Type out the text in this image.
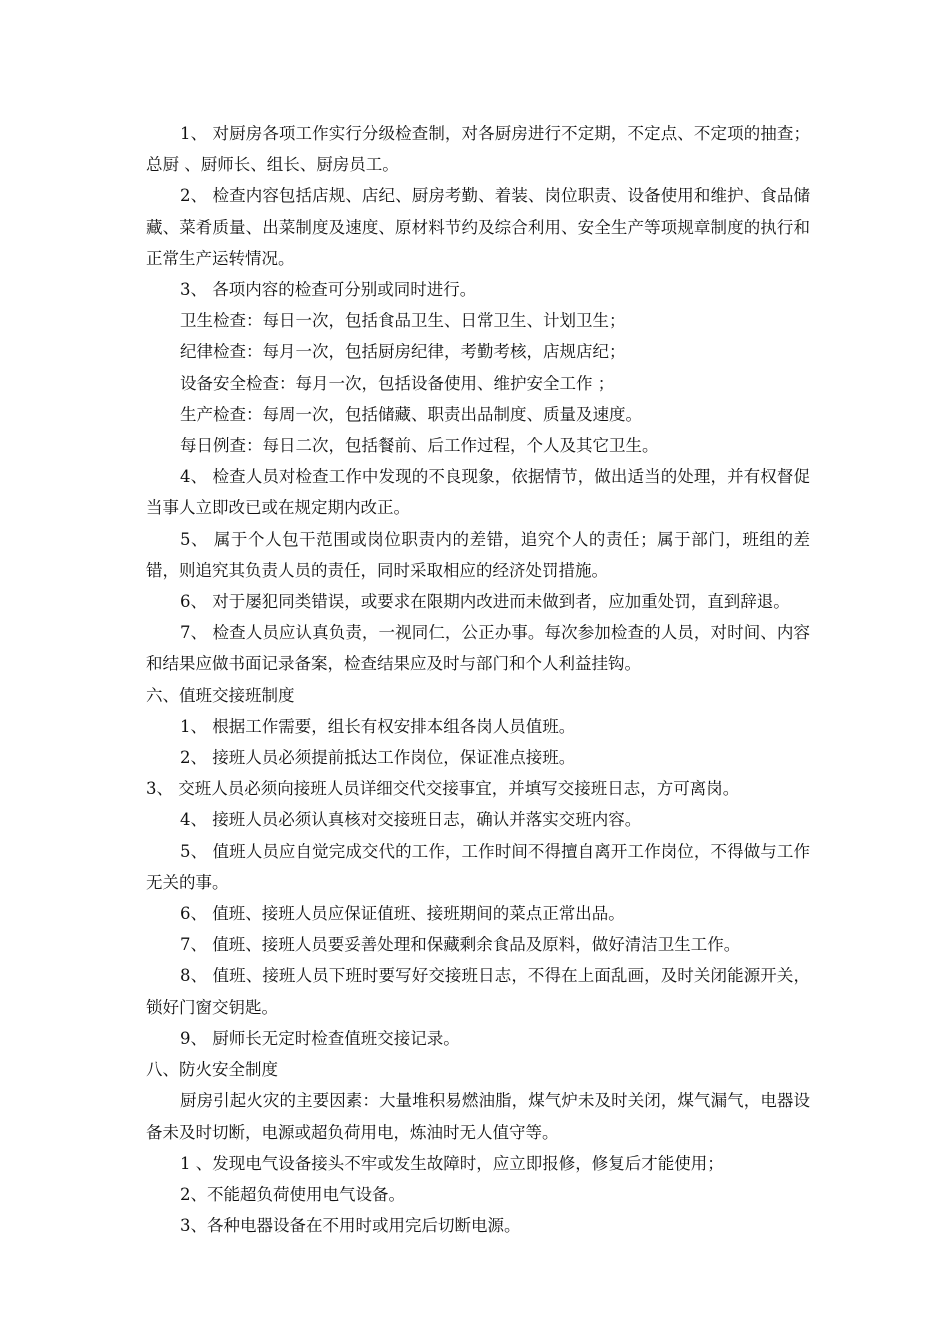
1、 对厨房各项工作实行分级检查制，对各厨房进行不定期，不定点、不定项的抽查；总厨 、厨师长、组长、厨房员工。
2、 检查内容包括店规、店纪、厨房考勤、着装、岗位职责、设备使用和维护、食品储藏、菜肴质量、出菜制度及速度、原材料节约及综合利用、安全生产等项规章制度的执行和正常生产运转情况。
3、 各项内容的检查可分别或同时进行。
卫生检查：每日一次，包括食品卫生、日常卫生、计划卫生；
纪律检查：每月一次，包括厨房纪律，考勤考核，店规店纪；
设备安全检查：每月一次，包括设备使用、维护安全工作 ；
生产检查：每周一次，包括储藏、职责出品制度、质量及速度。
每日例查：每日二次，包括餐前、后工作过程，个人及其它卫生。
4、 检查人员对检查工作中发现的不良现象，依据情节，做出适当的处理，并有权督促当事人立即改已或在规定期内改正。
5、 属于个人包干范围或岗位职责内的差错，追究个人的责任；属于部门，班组的差错，则追究其负责人员的责任，同时采取相应的经济处罚措施。
6、 对于屡犯同类错误，或要求在限期内改进而未做到者，应加重处罚，直到辞退。
7、 检查人员应认真负责，一视同仁，公正办事。每次参加检查的人员，对时间、内容和结果应做书面记录备案，检查结果应及时与部门和个人利益挂钩。
六、值班交接班制度
1、 根据工作需要，组长有权安排本组各岗人员值班。
2、 接班人员必须提前抵达工作岗位，保证准点接班。
3、 交班人员必须向接班人员详细交代交接事宜，并填写交接班日志，方可离岗。
4、 接班人员必须认真核对交接班日志，确认并落实交班内容。
5、 值班人员应自觉完成交代的工作，工作时间不得擅自离开工作岗位，不得做与工作无关的事。
6、 值班、接班人员应保证值班、接班期间的菜点正常出品。
7、 值班、接班人员要妥善处理和保藏剩余食品及原料，做好清洁卫生工作。
8、 值班、接班人员下班时要写好交接班日志，不得在上面乱画，及时关闭能源开关，锁好门窗交钥匙。
9、 厨师长无定时检查值班交接记录。
八、防火安全制度
厨房引起火灾的主要因素：大量堆积易燃油脂，煤气炉未及时关闭，煤气漏气，电器设备未及时切断，电源或超负荷用电，炼油时无人值守等。
1 、发现电气设备接头不牢或发生故障时，应立即报修，修复后才能使用；
2、不能超负荷使用电气设备。
3、各种电器设备在不用时或用完后切断电源。
